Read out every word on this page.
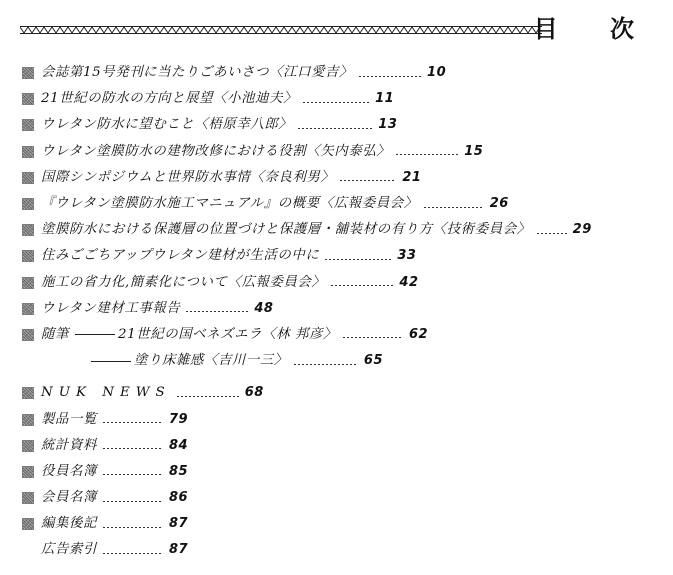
目 次
会誌第15号発刊に当たりごあいさつ〈江口愛吉〉	10
21世紀の防水の方向と展望〈小池迪夫〉	11
ウレタン防水に望むこと〈梧原幸八郎〉	13
ウレタン塗膜防水の建物改修における役割〈矢内泰弘〉	15
国際シンポジウムと世界防水事情〈奈良利男〉	21
『ウレタン塗膜防水施工マニュアル』の概要〈広報委員会〉	26
塗膜防水における保護層の位置づけと保護層・舗装材の有り方〈技術委員会〉	29
住みごごちアップウレタン建材が生活の中に	33
施工の省力化,簡素化について〈広報委員会〉	42
ウレタン建材工事報告	48
随筆	21世紀の国ベネズエラ〈林 邦彦〉	62
塗り床雑感〈吉川一三〉	65
NUK NEWS	68
製品一覧	79
統計資料	84
役員名簿	85
会員名簿	86
編集後記	87
広告索引	87
